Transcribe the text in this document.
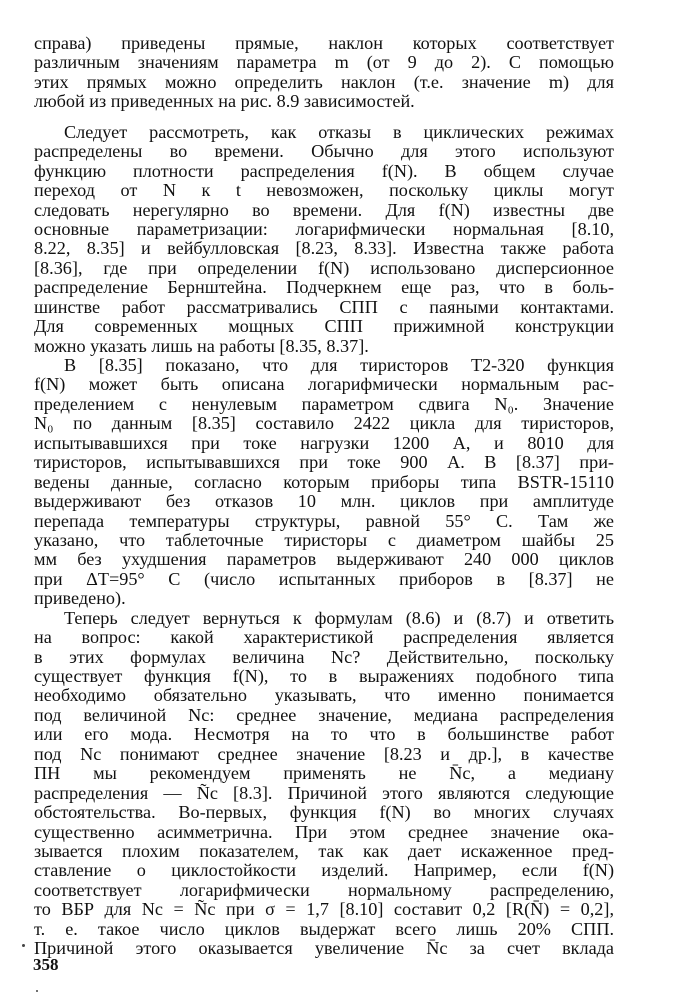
справа) приведены прямые, наклон которых соответствует
различным значениям параметра m (от 9 до 2). С помощью
этих прямых можно определить наклон (т.е. значение m) для
любой из приведенных на рис. 8.9 зависимостей.

Следует рассмотреть, как отказы в циклических режимах
распределены во времени. Обычно для этого используют
функцию плотности распределения f(N). В общем случае
переход от N к t невозможен, поскольку циклы могут
следовать нерегулярно во времени. Для f(N) известны две
основные параметризации: логарифмически нормальная [8.10,
8.22, 8.35] и вейбулловская [8.23, 8.33]. Известна также работа
[8.36], где при определении f(N) использовано дисперсионное
распределение Бернштейна. Подчеркнем еще раз, что в боль-
шинстве работ рассматривались СПП с паяными контактами.
Для современных мощных СПП прижимной конструкции
можно указать лишь на работы [8.35, 8.37].

В [8.35] показано, что для тиристоров Т2-320 функция
f(N) может быть описана логарифмически нормальным рас-
пределением с ненулевым параметром сдвига N₀. Значение
N₀ по данным [8.35] составило 2422 цикла для тиристоров,
испытывавшихся при токе нагрузки 1200 А, и 8010 для
тиристоров, испытывавшихся при токе 900 А. В [8.37] при-
ведены данные, согласно которым приборы типа BSTR-15110
выдерживают без отказов 10 млн. циклов при амплитуде
перепада температуры структуры, равной 55° С. Там же
указано, что таблеточные тиристоры с диаметром шайбы 25
мм без ухудшения параметров выдерживают 240 000 циклов
при ΔT=95° С (число испытанных приборов в [8.37] не
приведено).

Теперь следует вернуться к формулам (8.6) и (8.7) и ответить
на вопрос: какой характеристикой распределения является
в этих формулах величина Nc? Действительно, поскольку
существует функция f(N), то в выражениях подобного типа
необходимо обязательно указывать, что именно понимается
под величиной Nc: среднее значение, медиана распределения
или его мода. Несмотря на то что в большинстве работ
под Nc понимают среднее значение [8.23 и др.], в качестве
ПН мы рекомендуем применять не N̄c, а медиану
распределения — Ñc [8.3]. Причиной этого являются следующие
обстоятельства. Во-первых, функция f(N) во многих случаях
существенно асимметрична. При этом среднее значение ока-
зывается плохим показателем, так как дает искаженное пред-
ставление о циклостойкости изделий. Например, если f(N)
соответствует логарифмически нормальному распределению,
то ВБР для Nc = Ñc при σ = 1,7 [8.10] составит 0,2 [R(N̄) = 0,2],
т. е. такое число циклов выдержат всего лишь 20% СПП.
Причиной этого оказывается увеличение N̄c за счет вклада

358
